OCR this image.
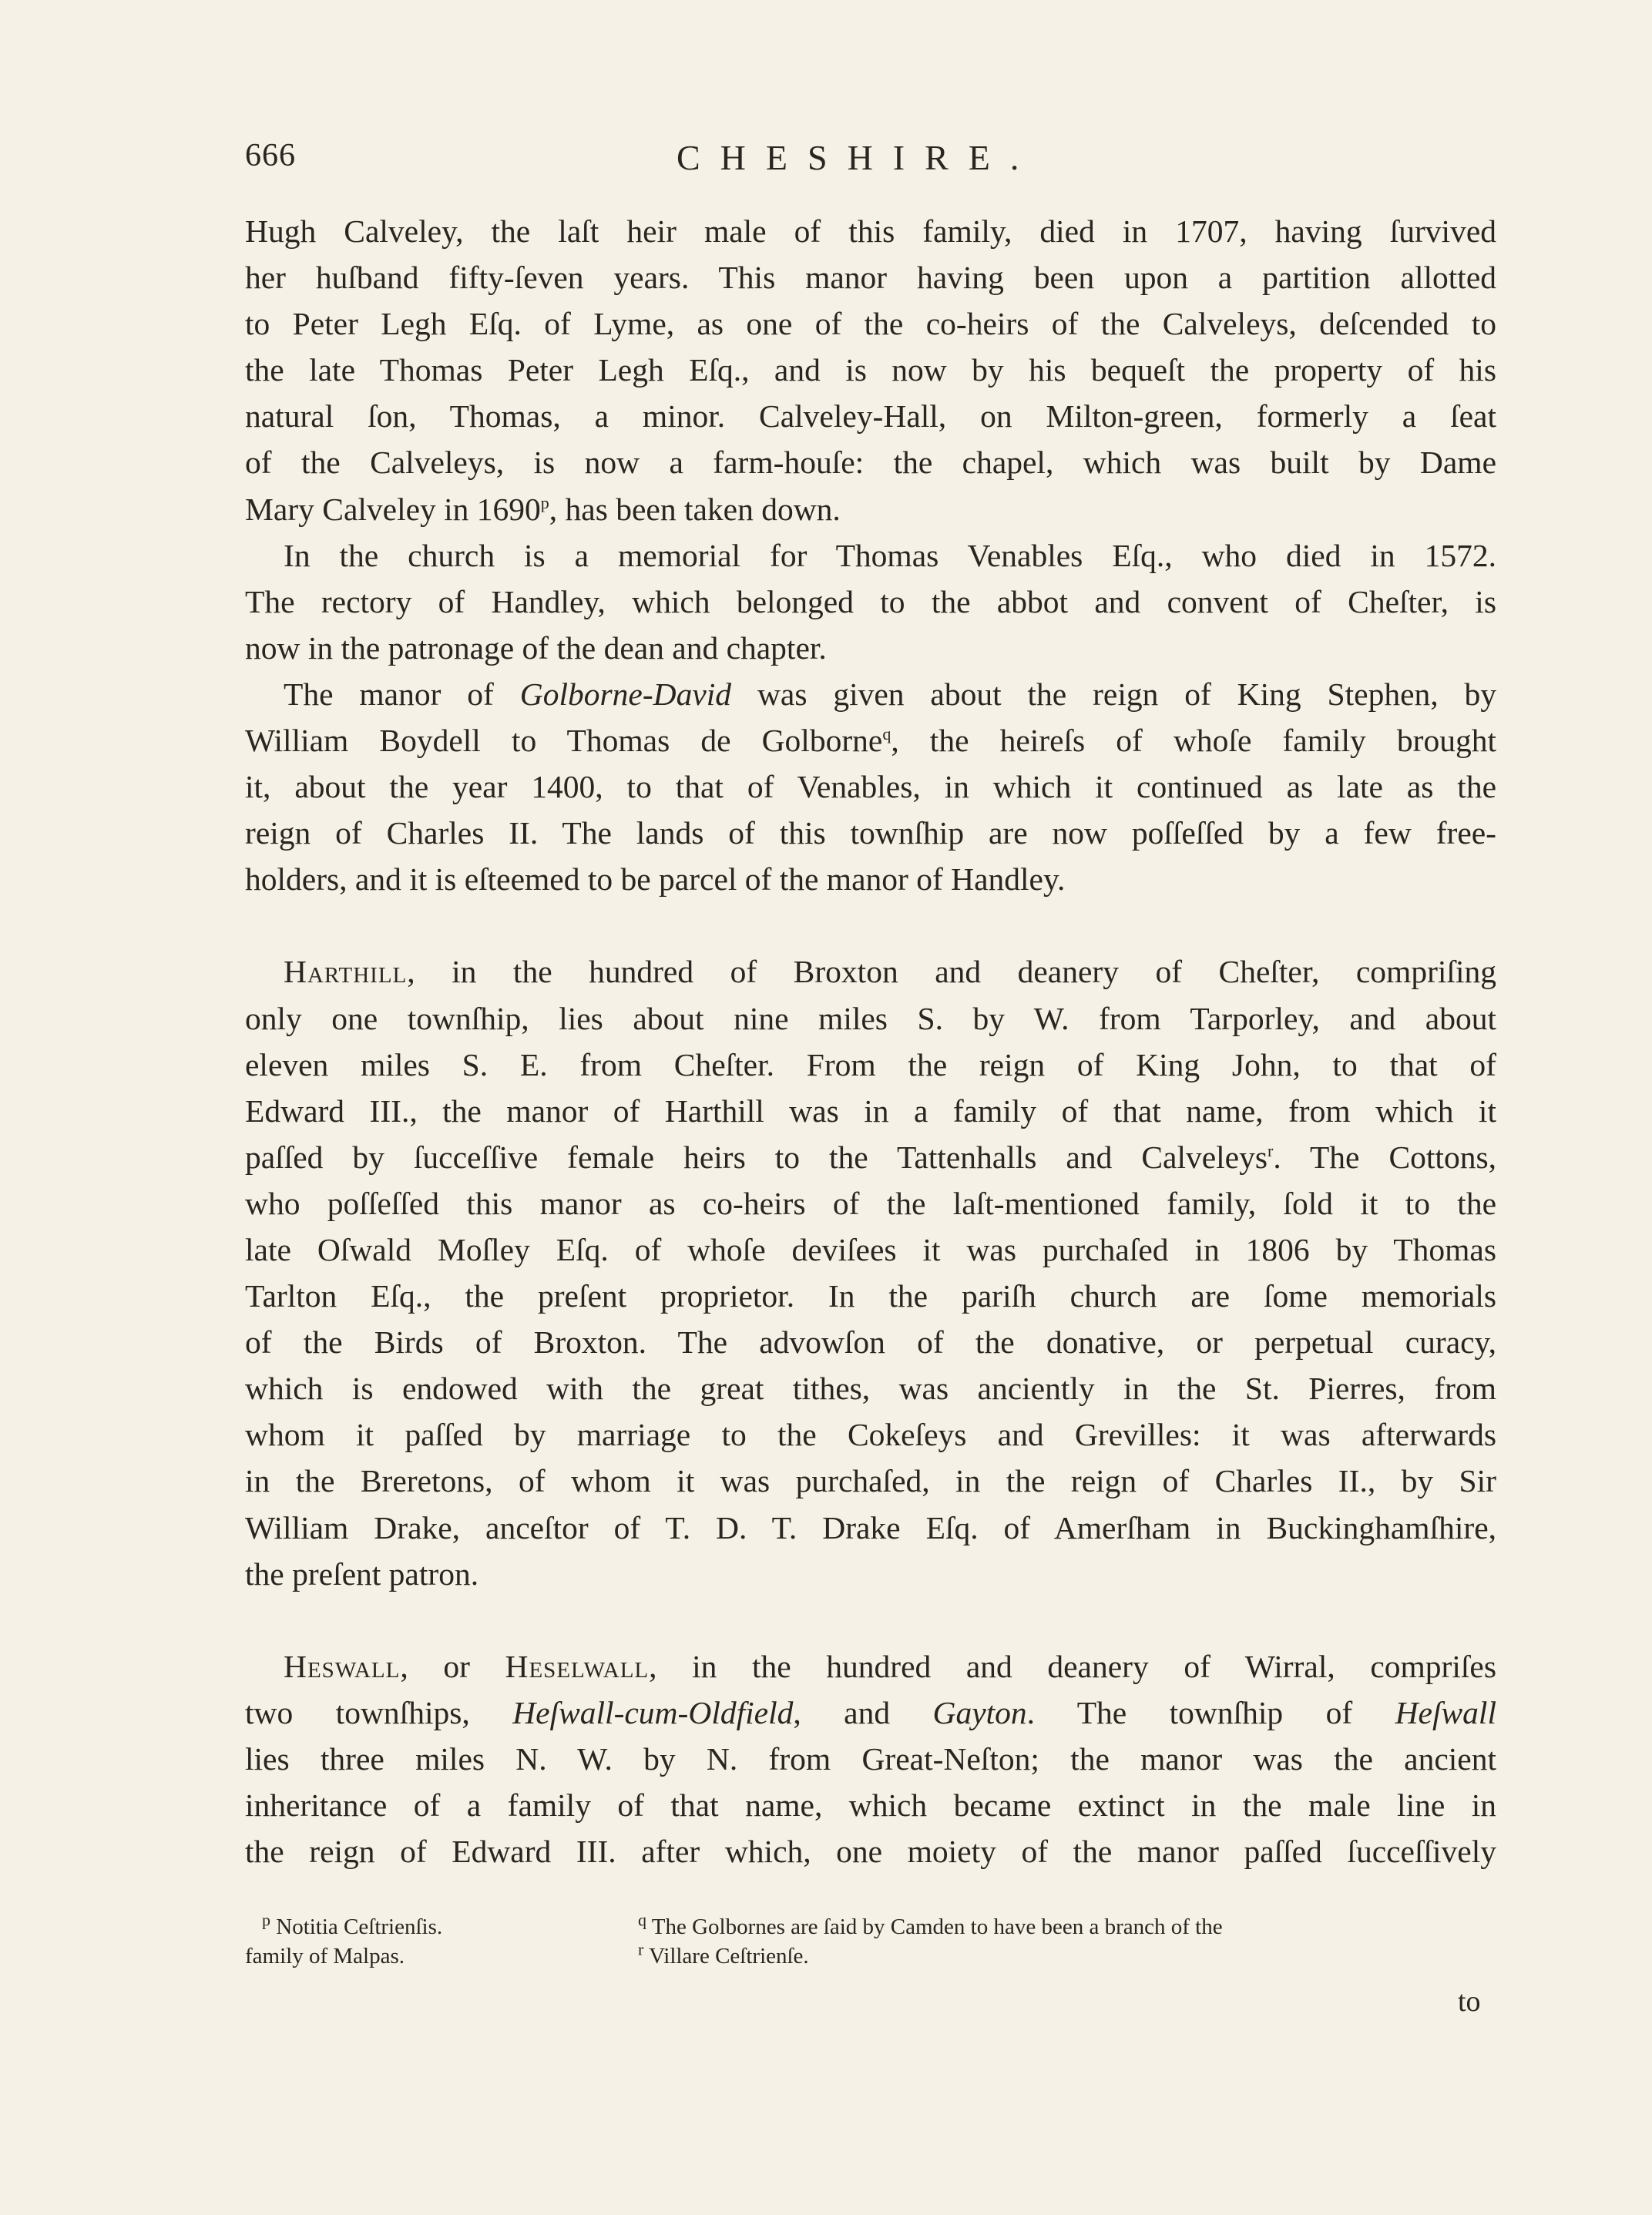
666	CHESHIRE.
Hugh Calveley, the laſt heir male of this family, died in 1707, having ſurvived
her huſband fifty-ſeven years. This manor having been upon a partition allotted
to Peter Legh Eſq. of Lyme, as one of the co-heirs of the Calveleys, deſcended to
the late Thomas Peter Legh Eſq., and is now by his bequeſt the property of his
natural ſon, Thomas, a minor. Calveley-Hall, on Milton-green, formerly a ſeat
of the Calveleys, is now a farm-houſe: the chapel, which was built by Dame
Mary Calveley in 1690$^p$, has been taken down.
In the church is a memorial for Thomas Venables Eſq., who died in 1572.
The rectory of Handley, which belonged to the abbot and convent of Cheſter, is
now in the patronage of the dean and chapter.
The manor of Golborne-David was given about the reign of King Stephen, by
William Boydell to Thomas de Golborne$^q$, the heireſs of whoſe family brought
it, about the year 1400, to that of Venables, in which it continued as late as the
reign of Charles II. The lands of this townſhip are now poſſeſſed by a few free-
holders, and it is eſteemed to be parcel of the manor of Handley.
Harthill, in the hundred of Broxton and deanery of Cheſter, compriſing
only one townſhip, lies about nine miles S. by W. from Tarporley, and about
eleven miles S. E. from Cheſter. From the reign of King John, to that of
Edward III., the manor of Harthill was in a family of that name, from which it
paſſed by ſucceſſive female heirs to the Tattenhalls and Calveleys$^r$. The Cottons,
who poſſeſſed this manor as co-heirs of the laſt-mentioned family, ſold it to the
late Oſwald Moſley Eſq. of whoſe deviſees it was purchaſed in 1806 by Thomas
Tarlton Eſq., the preſent proprietor. In the pariſh church are ſome memorials
of the Birds of Broxton. The advowſon of the donative, or perpetual curacy,
which is endowed with the great tithes, was anciently in the St. Pierres, from
whom it paſſed by marriage to the Cokeſeys and Grevilles: it was afterwards
in the Breretons, of whom it was purchaſed, in the reign of Charles II., by Sir
William Drake, anceſtor of T. D. T. Drake Eſq. of Amerſham in Buckinghamſhire,
the preſent patron.
Heswall, or Heselwall, in the hundred and deanery of Wirral, compriſes
two townſhips, Heſwall-cum-Oldfield, and Gayton. The townſhip of Heſwall
lies three miles N. W. by N. from Great-Neſton; the manor was the ancient
inheritance of a family of that name, which became extinct in the male line in
the reign of Edward III. after which, one moiety of the manor paſſed ſucceſſively
$^p$ Notitia Ceſtrienſis.
family of Malpas.
$^q$ The Golbornes are ſaid by Camden to have been a branch of the
$^r$ Villare Ceſtrienſe.
to
